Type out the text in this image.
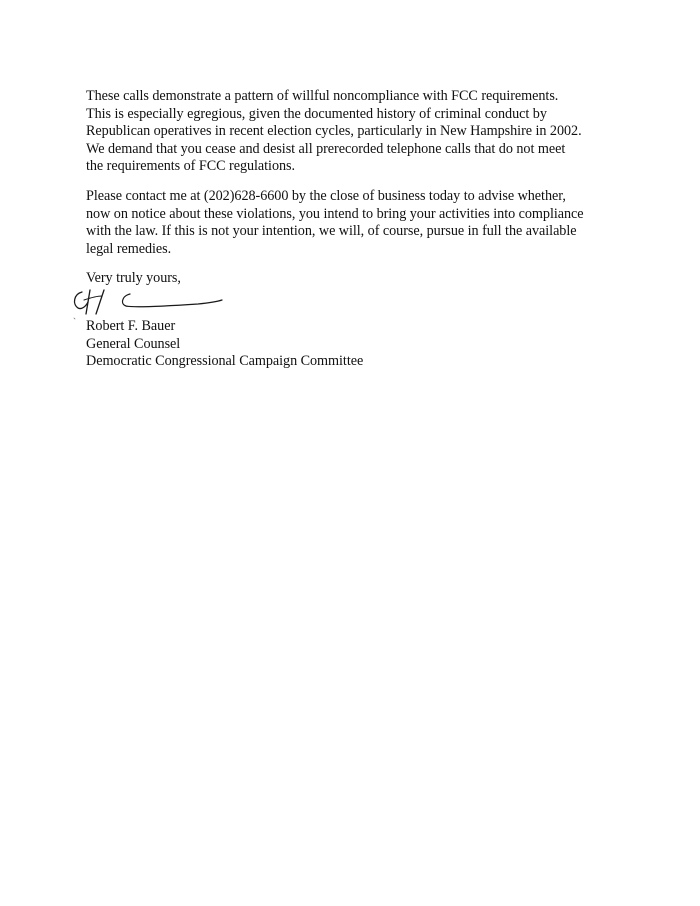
These calls demonstrate a pattern of willful noncompliance with FCC requirements.
This is especially egregious, given the documented history of criminal conduct by
Republican operatives in recent election cycles, particularly in New Hampshire in 2002.
We demand that you cease and desist all prerecorded telephone calls that do not meet
the requirements of FCC regulations.
Please contact me at (202)628-6600 by the close of business today to advise whether,
now on notice about these violations, you intend to bring your activities into compliance
with the law. If this is not your intention, we will, of course, pursue in full the available
legal remedies.
Very truly yours,
Robert F. Bauer
General Counsel
Democratic Congressional Campaign Committee
